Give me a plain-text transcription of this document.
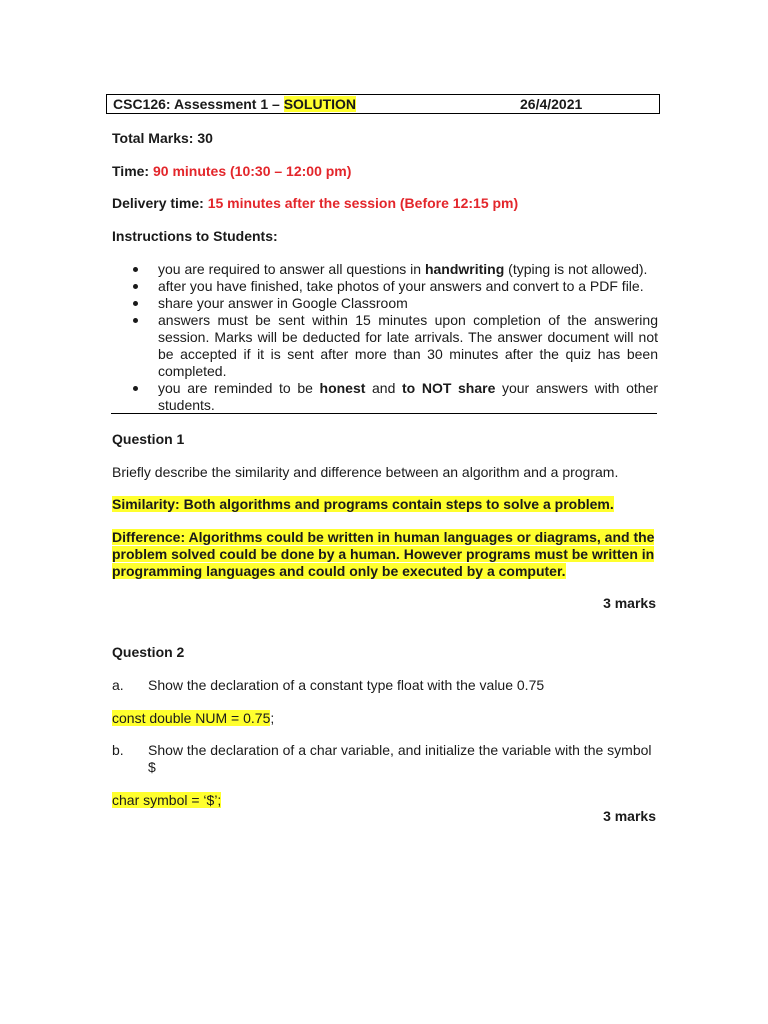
CSC126: Assessment 1 – SOLUTION	26/4/2021
Total Marks: 30
Time: 90 minutes (10:30 – 12:00 pm)
Delivery time: 15 minutes after the session (Before 12:15 pm)
Instructions to Students:
you are required to answer all questions in handwriting (typing is not allowed).
after you have finished, take photos of your answers and convert to a PDF file.
share your answer in Google Classroom
answers must be sent within 15 minutes upon completion of the answering session. Marks will be deducted for late arrivals. The answer document will not be accepted if it is sent after more than 30 minutes after the quiz has been completed.
you are reminded to be honest and to NOT share your answers with other students.
Question 1
Briefly describe the similarity and difference between an algorithm and a program.
Similarity: Both algorithms and programs contain steps to solve a problem.
Difference: Algorithms could be written in human languages or diagrams, and the
problem solved could be done by a human. However programs must be written in
programming languages and could only be executed by a computer.
3 marks
Question 2
a. Show the declaration of a constant type float with the value 0.75
const double NUM = 0.75;
b. Show the declaration of a char variable, and initialize the variable with the symbol
$
char symbol = ‘$’;
3 marks
